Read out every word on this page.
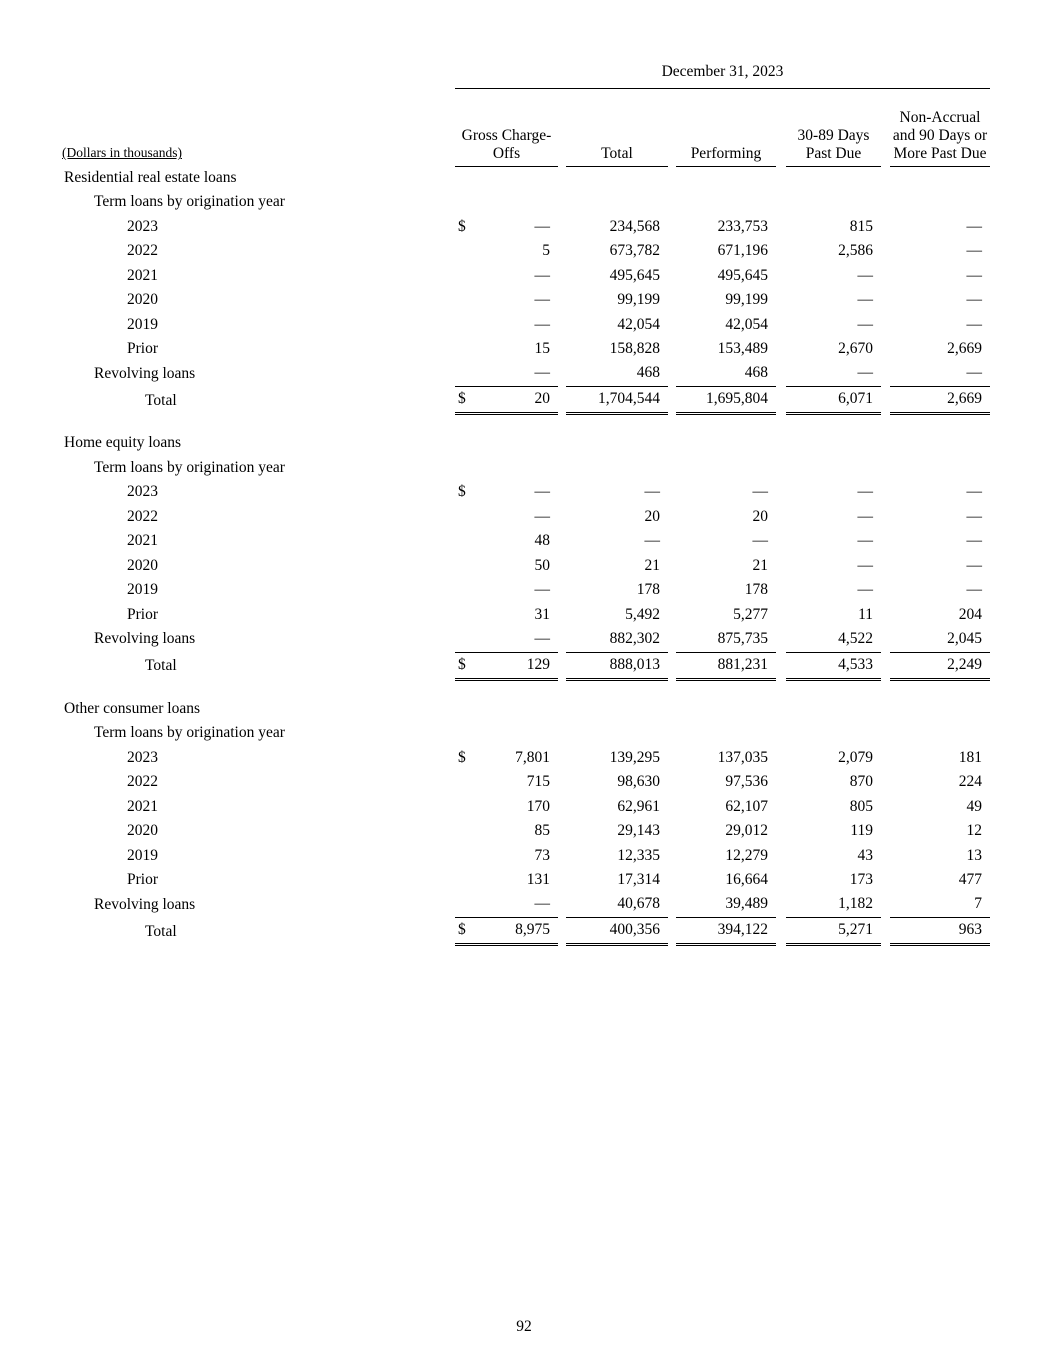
	December 31, 2023									
(Dollars in thousands)	Gross Charge-Offs			Total		Performing		30-89 Days Past Due		Non-Accrual and 90 Days or More Past Due
Residential real estate loans										
Term loans by origination year										
2023	$	—		234,568		233,753		815		—
2022		5		673,782		671,196		2,586		—
2021		—		495,645		495,645		—		—
2020		—		99,199		99,199		—		—
2019		—		42,054		42,054		—		—
Prior		15		158,828		153,489		2,670		2,669
Revolving loans		—		468		468		—		—
Total	$	20		1,704,544		1,695,804		6,071		2,669

Home equity loans										
Term loans by origination year										
2023	$	—		—		—		—		—
2022		—		20		20		—		—
2021		48		—		—		—		—
2020		50		21		21		—		—
2019		—		178		178		—		—
Prior		31		5,492		5,277		11		204
Revolving loans		—		882,302		875,735		4,522		2,045
Total	$	129		888,013		881,231		4,533		2,249

Other consumer loans										
Term loans by origination year										
2023	$	7,801		139,295		137,035		2,079		181
2022		715		98,630		97,536		870		224
2021		170		62,961		62,107		805		49
2020		85		29,143		29,012		119		12
2019		73		12,335		12,279		43		13
Prior		131		17,314		16,664		173		477
Revolving loans		—		40,678		39,489		1,182		7
Total	$	8,975		400,356		394,122		5,271		963
92
